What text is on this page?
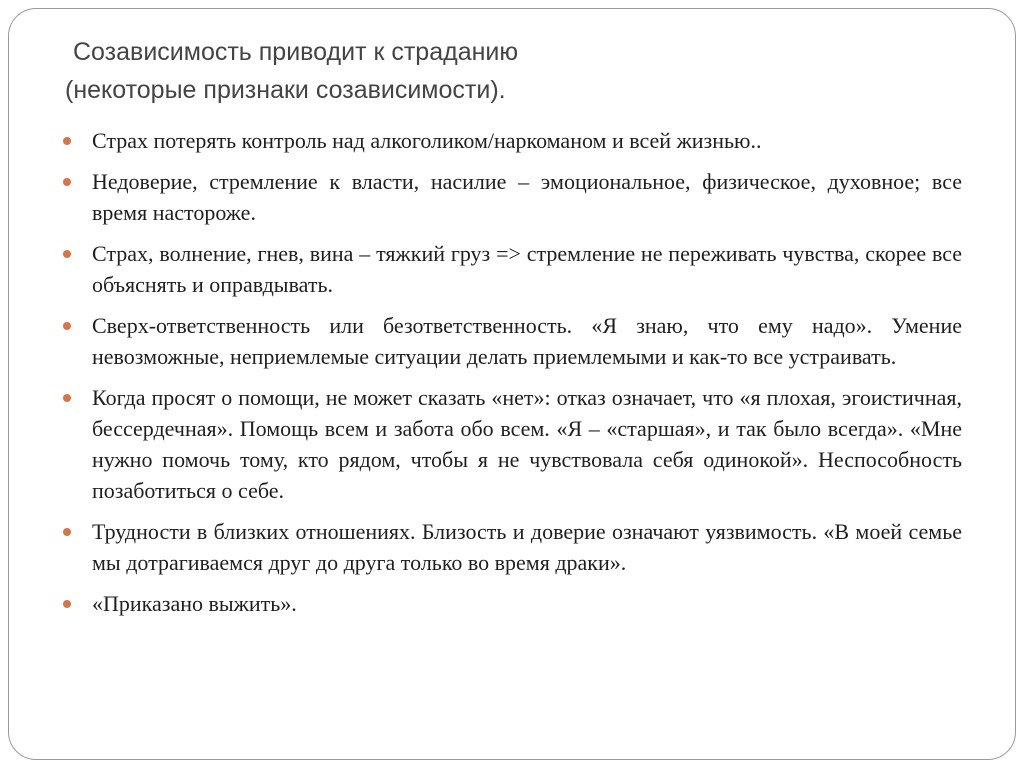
Созависимость приводит к страданию
(некоторые признаки созависимости).
Страх потерять контроль над алкоголиком/наркоманом и всей жизнью..
Недоверие, стремление к власти, насилие – эмоциональное, физическое, духовное; все время настороже.
Страх, волнение, гнев, вина – тяжкий груз => стремление не переживать чувства, скорее все объяснять и оправдывать.
Сверх-ответственность или безответственность. «Я знаю, что ему надо». Умение невозможные, неприемлемые ситуации делать приемлемыми и как-то все устраивать.
Когда просят о помощи, не может сказать «нет»: отказ означает, что «я плохая, эгоистичная, бессердечная». Помощь всем и забота обо всем. «Я – «старшая», и так было всегда». «Мне нужно помочь тому, кто рядом, чтобы я не чувствовала себя одинокой». Неспособность позаботиться о себе.
Трудности в близких отношениях. Близость и доверие означают уязвимость. «В моей семье мы дотрагиваемся друг до друга только во время драки».
«Приказано выжить».
